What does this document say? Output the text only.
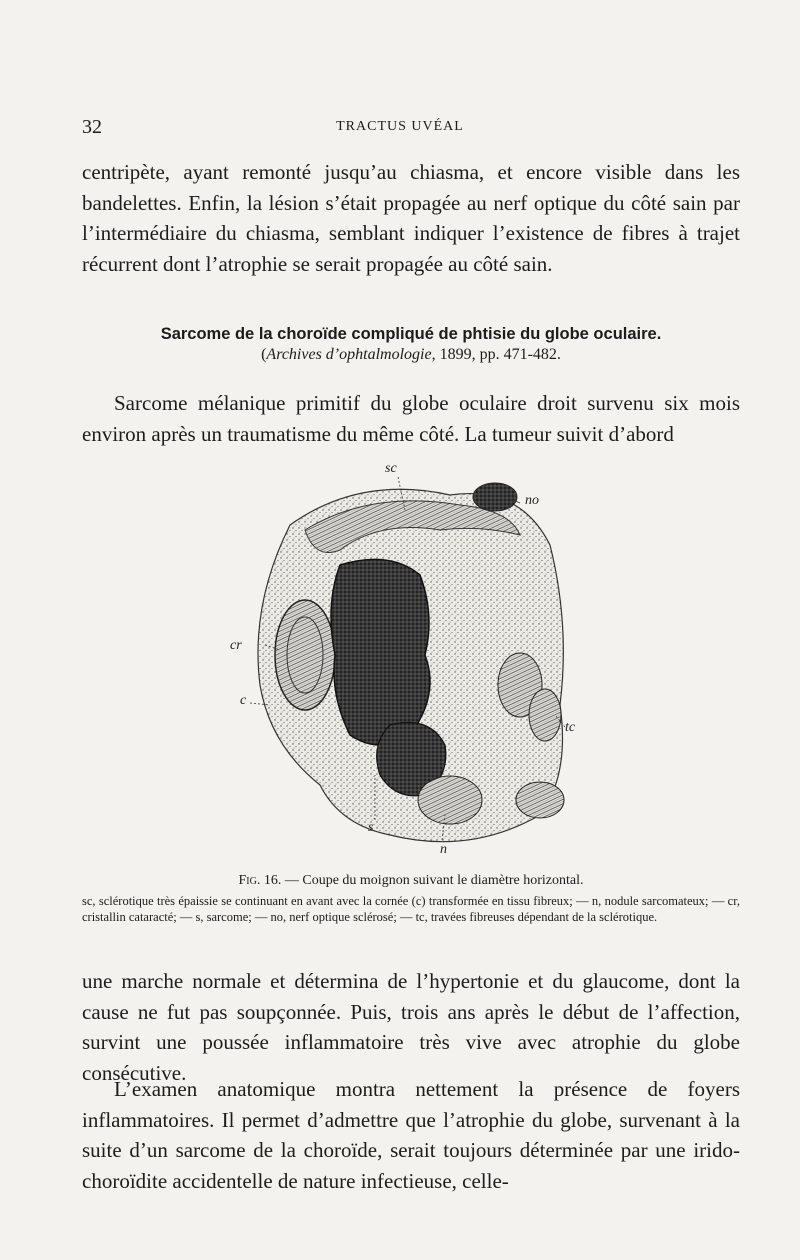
32	TRACTUS UVÉAL

centripète, ayant remonté jusqu’au chiasma, et encore visible dans les bandelettes. Enfin, la lésion s’était propagée au nerf optique du côté sain par l’intermédiaire du chiasma, semblant indiquer l’existence de fibres à trajet récurrent dont l’atrophie se serait propagée au côté sain.

Sarcome de la choroïde compliqué de phtisie du globe oculaire.
(Archives d’ophtalmologie, 1899, pp. 471-482.

Sarcome mélanique primitif du globe oculaire droit survenu six mois environ après un traumatisme du même côté. La tumeur suivit d’abord

sc
no
cr
c
tc
s
n
Fig. 16. — Coupe du moignon suivant le diamètre horizontal.
sc, sclérotique très épaissie se continuant en avant avec la cornée (c) transformée en tissu fibreux; — n, nodule sarcomateux; — cr, cristallin cataracté; — s, sarcome; — no, nerf optique sclérosé; — tc, travées fibreuses dépendant de la sclérotique.

une marche normale et détermina de l’hypertonie et du glaucome, dont la cause ne fut pas soupçonnée. Puis, trois ans après le début de l’affection, survint une poussée inflammatoire très vive avec atrophie du globe consécutive.

L’examen anatomique montra nettement la présence de foyers inflammatoires. Il permet d’admettre que l’atrophie du globe, survenant à la suite d’un sarcome de la choroïde, serait toujours déterminée par une irido-choroïdite accidentelle de nature infectieuse, celle-
